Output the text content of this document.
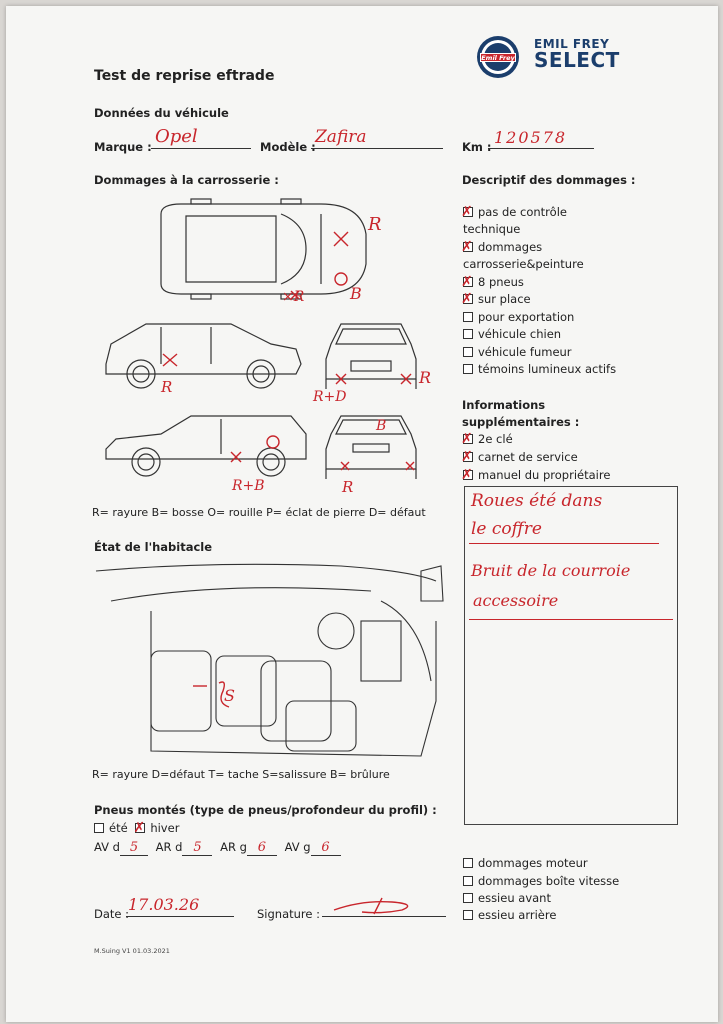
Test de reprise eftrade
Emil Frey
EMIL FREY
SELECT
Données du véhicule
Marque : Opel	Modèle : Zafira	Km : 120578
Dommages à la carrosserie :
R
×R	B
R
R+D
R
B
R
R+B
R= rayure B= bosse O= rouille P= éclat de pierre D= défaut
Descriptif des dommages :
✗ pas de contrôle
technique
✗ dommages
carrosserie&peinture
✗ 8 pneus
✗ sur place
pour exportation
véhicule chien
véhicule fumeur
témoins lumineux actifs
Informations
supplémentaires :
✗ 2e clé
✗ carnet de service
✗ manuel du propriétaire
Roues été dans
le coffre
Bruit de la courroie
accessoire
État de l'habitacle
S
R= rayure D=défaut T= tache S=salissure B= brûlure
Pneus montés (type de pneus/profondeur du profil) :
été ✗ hiver
AV d 5 AR d 5 AR g 6 AV g 6
dommages moteur
dommages boîte vitesse
essieu avant
essieu arrière
Date :
17.03.26	Signature :
M.Suing V1 01.03.2021
